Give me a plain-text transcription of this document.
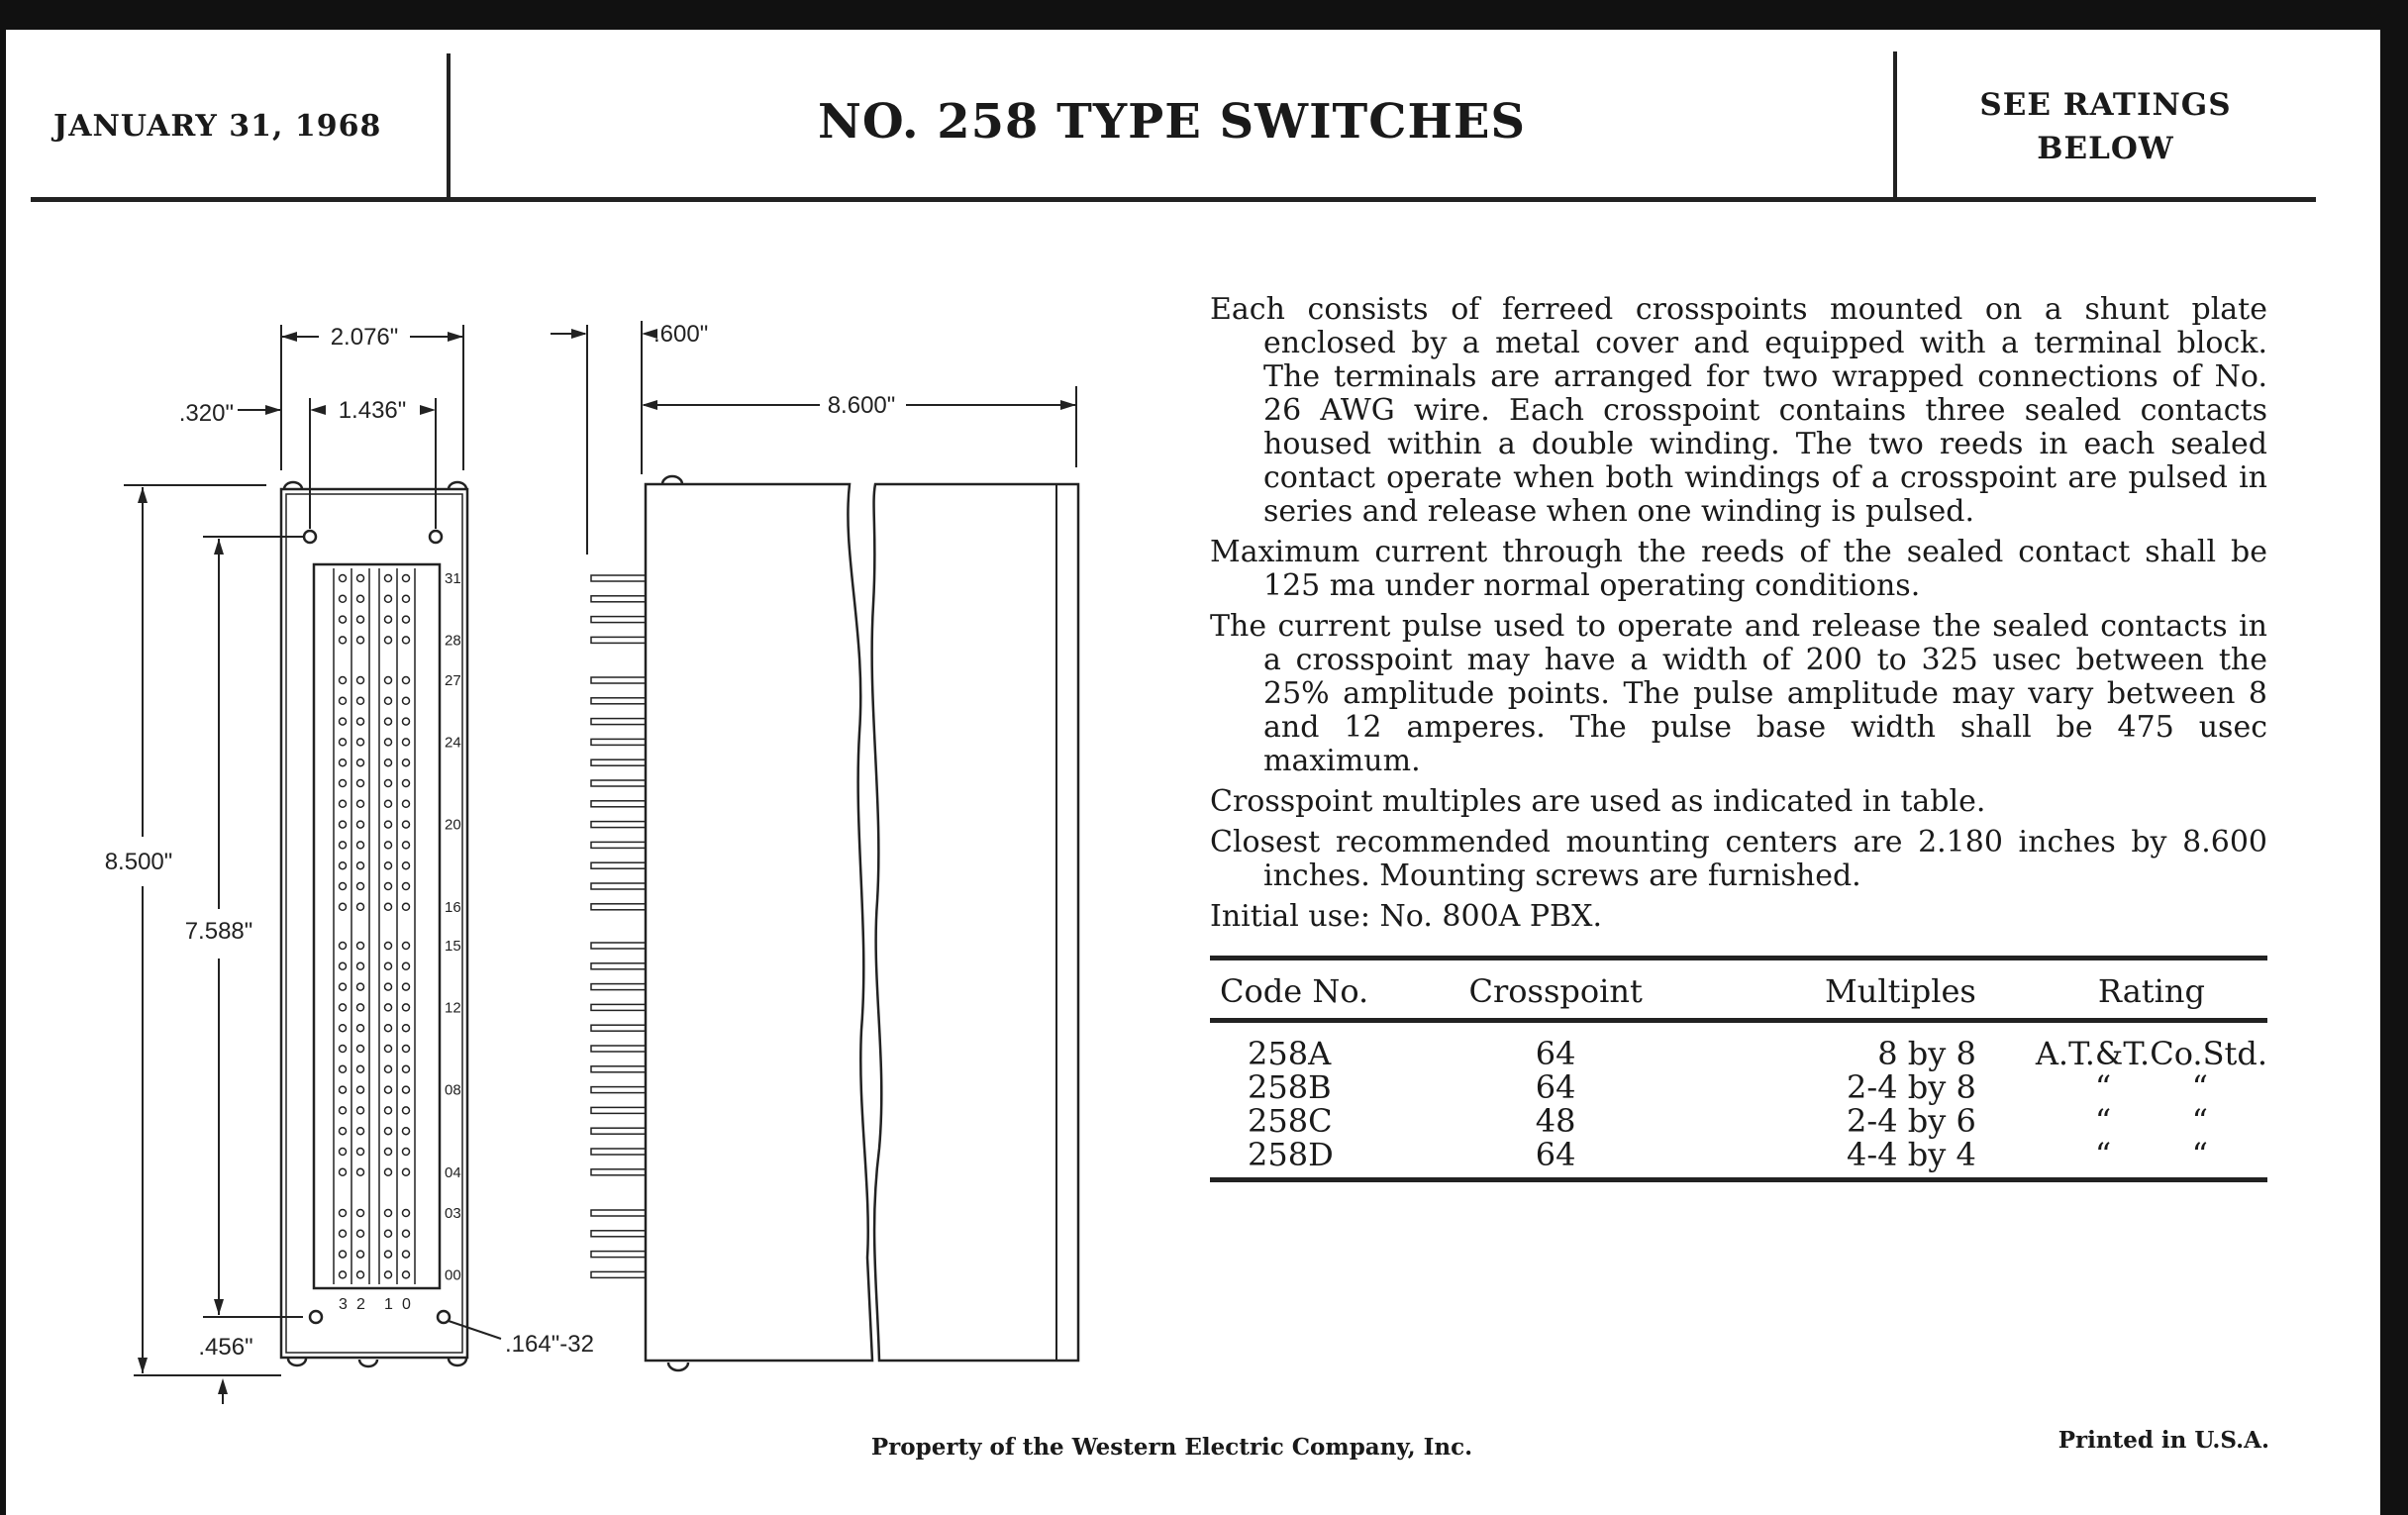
JANUARY 31, 1968	NO. 258 TYPE SWITCHES	SEE RATINGS
BELOW
2.076"
1.436"
.320"
8.500"
7.588"
.456"	.164"-32
.600"
8.600"
31
28
27
24
20
16
15
12
08
04
03
00
3 2 1 0

Each consists of ferreed crosspoints mounted on a shunt plate enclosed by a metal cover and equipped with a terminal block. The terminals are arranged for two wrapped connections of No. 26 AWG wire. Each crosspoint contains three sealed contacts housed within a double winding. The two reeds in each sealed contact operate when both windings of a crosspoint are pulsed in series and release when one winding is pulsed.

Maximum current through the reeds of the sealed contact shall be 125 ma under normal operating conditions.

The current pulse used to operate and release the sealed contacts in a crosspoint may have a width of 200 to 325 usec between the 25% amplitude points. The pulse amplitude may vary between 8 and 12 amperes. The pulse base width shall be 475 usec maximum.

Crosspoint multiples are used as indicated in table.

Closest recommended mounting centers are 2.180 inches by 8.600 inches. Mounting screws are furnished.

Initial use: No. 800A PBX.

Code No.	Crosspoint	Multiples	Rating
258A	64	8 by 8	A.T.&T.Co.Std.
258B	64	2-4 by 8	“        “
258C	48	2-4 by 6	“        “
258D	64	4-4 by 4	“        “
Property of the Western Electric Company, Inc.	Printed in U.S.A.
